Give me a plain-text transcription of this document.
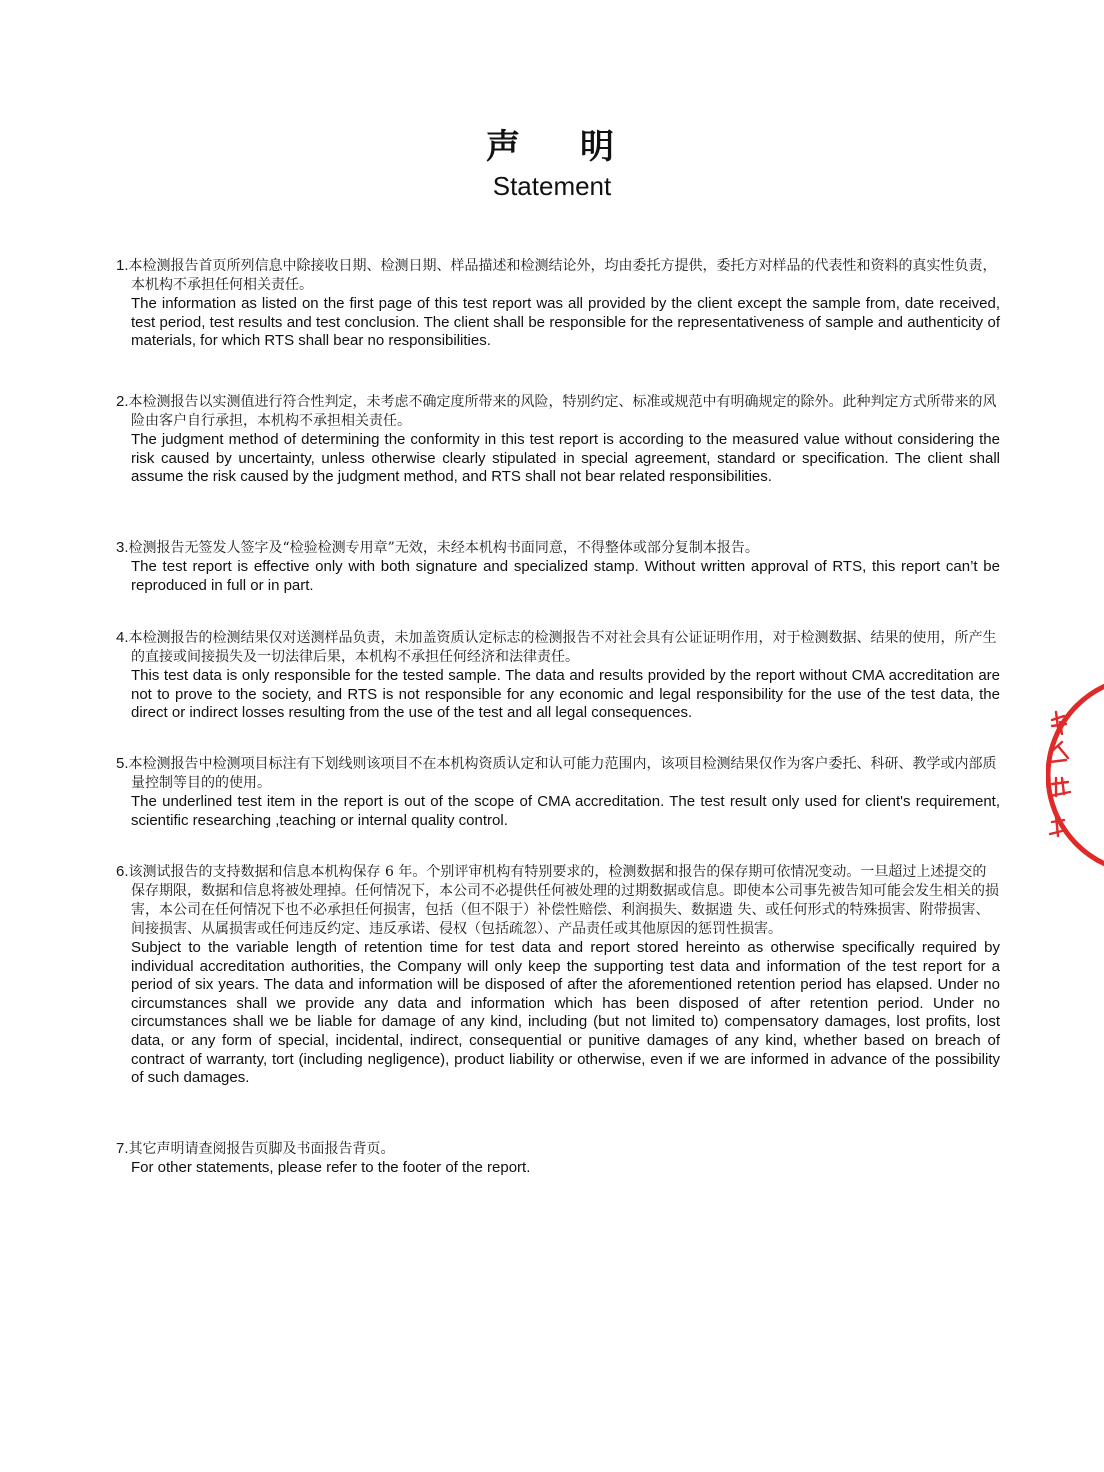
声 明
Statement
1.本检测报告首页所列信息中除接收日期、检测日期、样品描述和检测结论外，均由委托方提供，委托方对样品的代表性和资料的真实性负责，本机构不承担任何相关责任。
The information as listed on the first page of this test report was all provided by the client except the sample from, date received, test period, test results and test conclusion. The client shall be responsible for the representativeness of sample and authenticity of materials, for which RTS shall bear no responsibilities.
2.本检测报告以实测值进行符合性判定，未考虑不确定度所带来的风险，特别约定、标准或规范中有明确规定的除外。此种判定方式所带来的风险由客户自行承担，本机构不承担相关责任。
The judgment method of determining the conformity in this test report is according to the measured value without considering the risk caused by uncertainty, unless otherwise clearly stipulated in special agreement, standard or specification. The client shall assume the risk caused by the judgment method, and RTS shall not bear related responsibilities.
3.检测报告无签发人签字及“检验检测专用章”无效，未经本机构书面同意，不得整体或部分复制本报告。
The test report is effective only with both signature and specialized stamp. Without written approval of RTS, this report can’t be reproduced in full or in part.
4.本检测报告的检测结果仅对送测样品负责，未加盖资质认定标志的检测报告不对社会具有公证证明作用，对于检测数据、结果的使用，所产生的直接或间接损失及一切法律后果，本机构不承担任何经济和法律责任。
This test data is only responsible for the tested sample. The data and results provided by the report without CMA accreditation are not to prove to the society, and RTS is not responsible for any economic and legal responsibility for the use of the test data, the direct or indirect losses resulting from the use of the test and all legal consequences.
5.本检测报告中检测项目标注有下划线则该项目不在本机构资质认定和认可能力范围内，该项目检测结果仅作为客户委托、科研、教学或内部质量控制等目的的使用。
The underlined test item in the report is out of the scope of CMA accreditation. The test result only used for client's requirement, scientific researching ,teaching or internal quality control.
6.该测试报告的支持数据和信息本机构保存 6 年。个别评审机构有特别要求的，检测数据和报告的保存期可依情况变动。一旦超过上述提交的保存期限，数据和信息将被处理掉。任何情况下，本公司不必提供任何被处理的过期数据或信息。即使本公司事先被告知可能会发生相关的损害，本公司在任何情况下也不必承担任何损害，包括（但不限于）补偿性赔偿、利润损失、数据遗 失、或任何形式的特殊损害、附带损害、间接损害、从属损害或任何违反约定、违反承诺、侵权（包括疏忽）、产品责任或其他原因的惩罚性损害。
Subject to the variable length of retention time for test data and report stored hereinto as otherwise specifically required by individual accreditation authorities, the Company will only keep the supporting test data and information of the test report for a period of six years. The data and information will be disposed of after the aforementioned retention period has elapsed. Under no circumstances shall we provide any data and information which has been disposed of after retention period. Under no circumstances shall we be liable for damage of any kind, including (but not limited to) compensatory damages, lost profits, lost data, or any form of special, incidental, indirect, consequential or punitive damages of any kind, whether based on breach of contract of warranty, tort (including negligence), product liability or otherwise, even if we are informed in advance of the possibility of such damages.
7.其它声明请查阅报告页脚及书面报告背页。
For other statements, please refer to the footer of the report.
